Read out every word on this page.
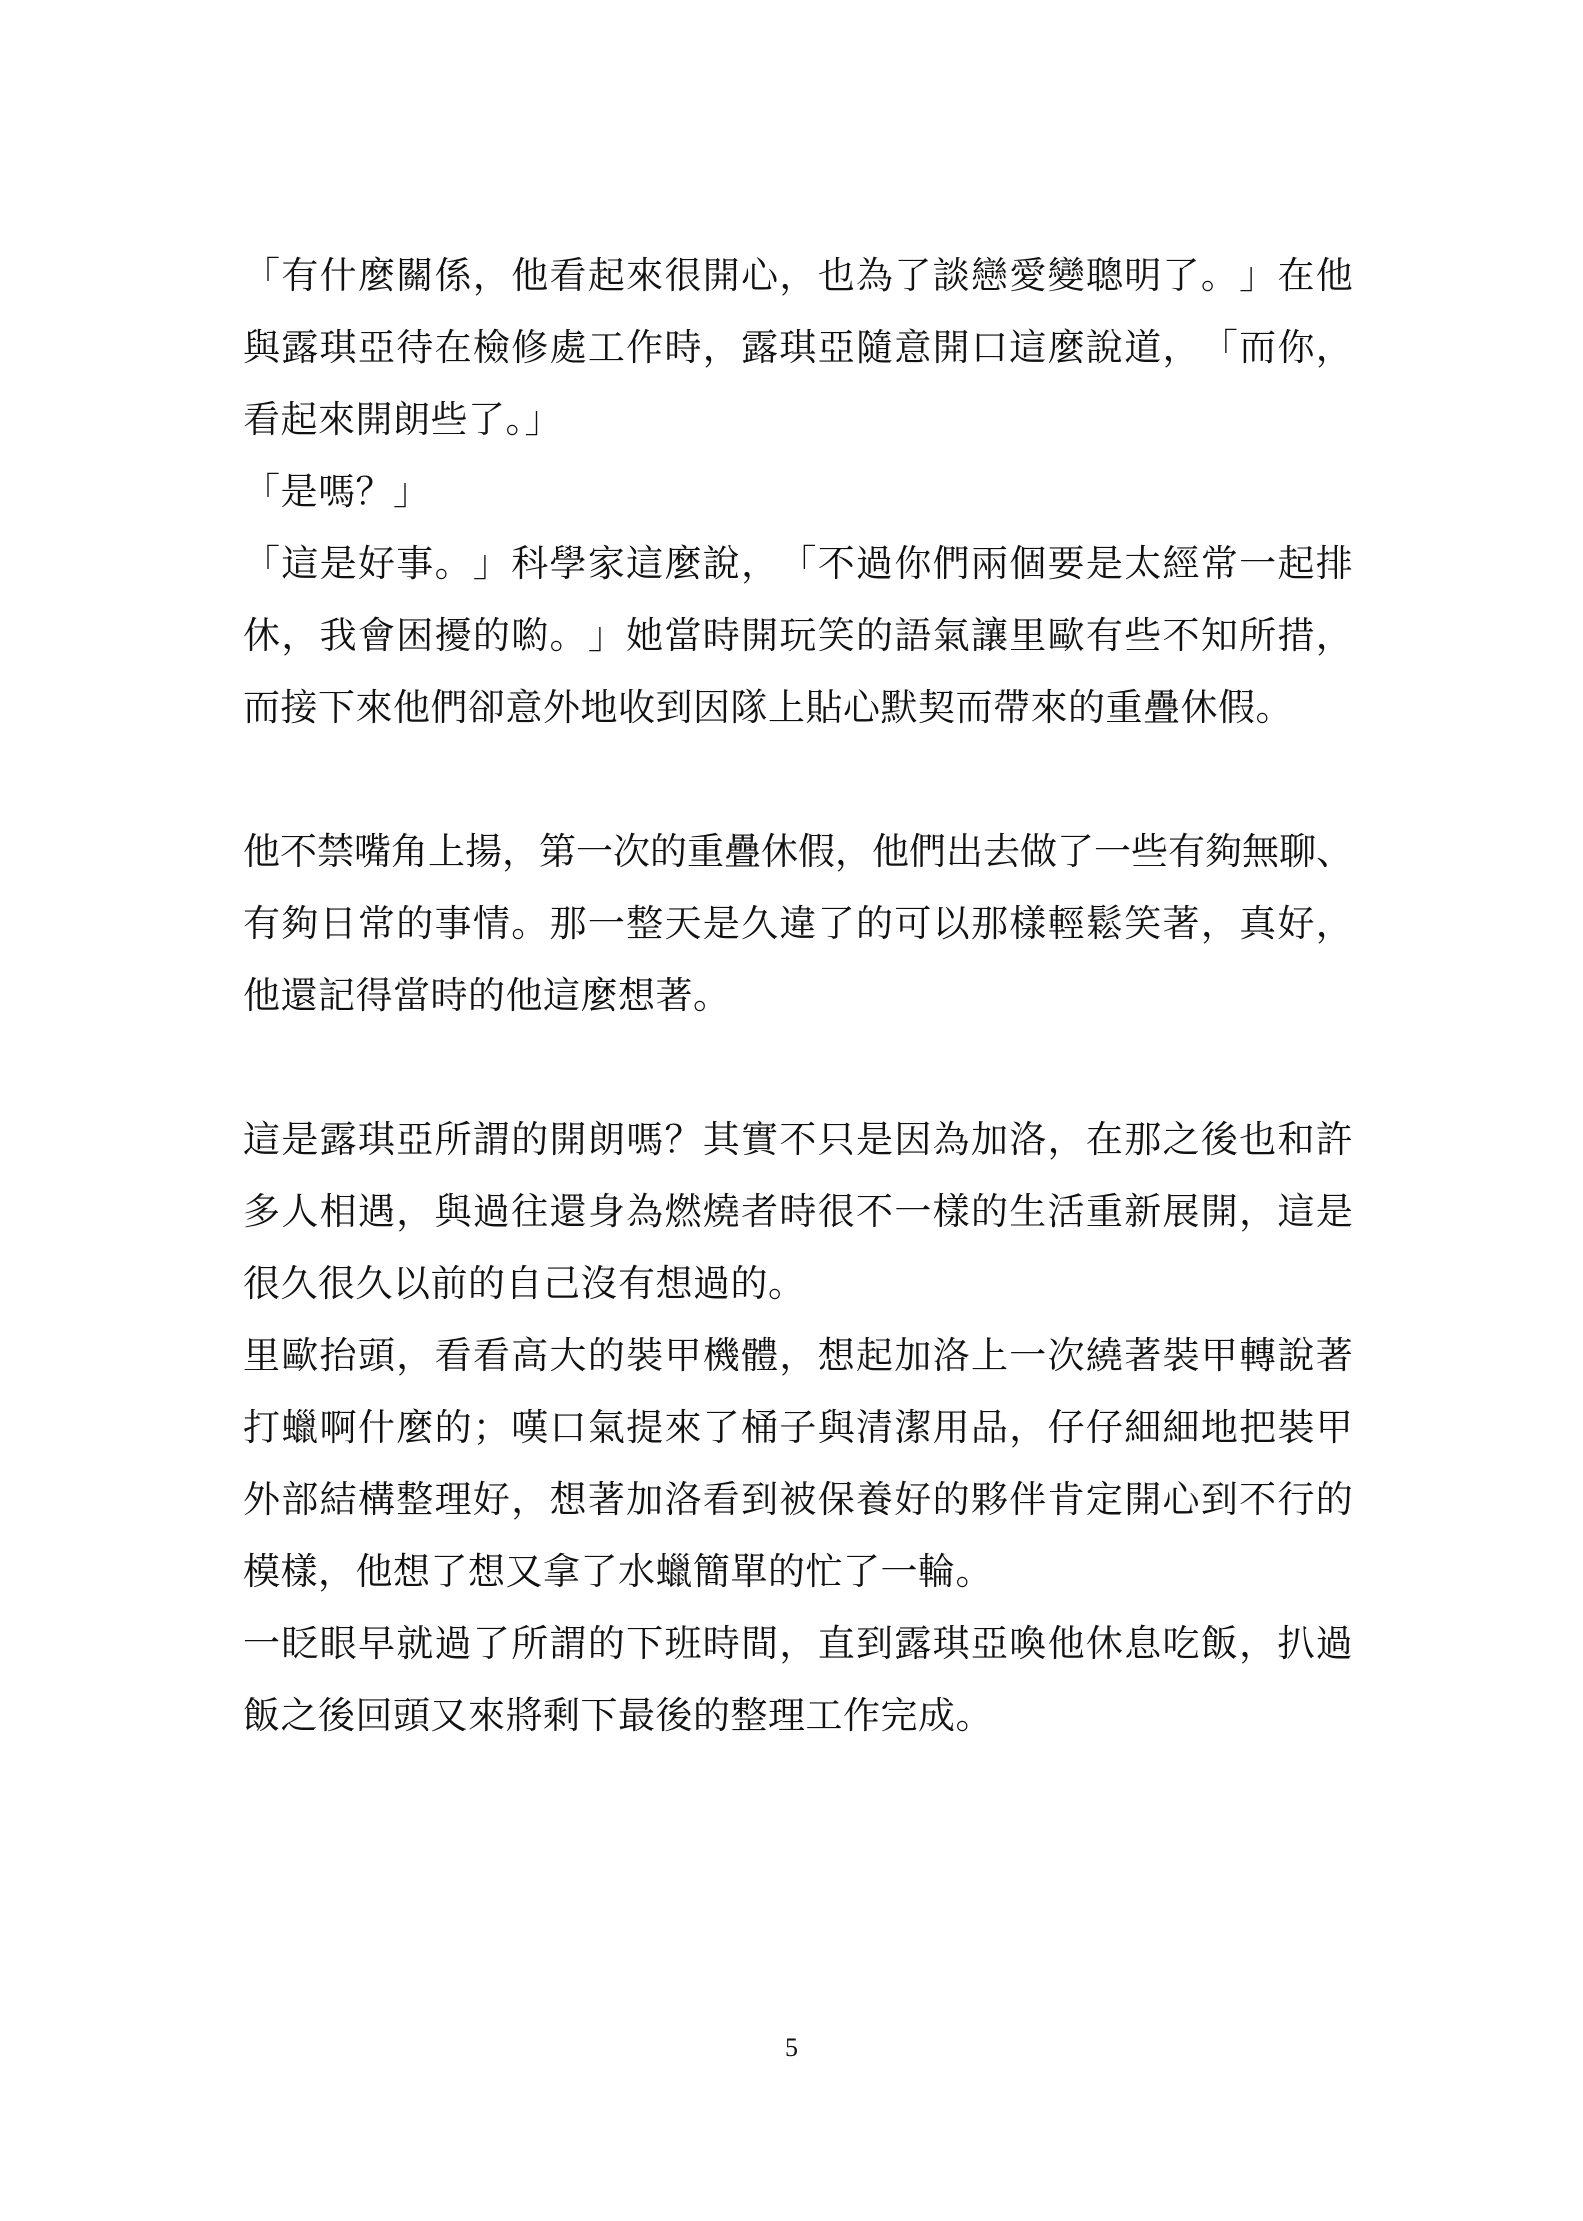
「 有 什 麼 關 係 ， 他 看 起 來 很 開 心 ， 也 為 了 談 戀 愛 變 聰 明 了 。 」 在 他
與 露 琪 亞 待 在 檢 修 處 工 作 時 ， 露 琪 亞 隨 意 開 口 這 麼 說 道 ， 「 而 你 ，
看起來開朗些了。」
「是嗎？」
「 這 是 好 事 。 」 科 學 家 這 麼 說 ， 「 不 過 你 們 兩 個 要 是 太 經 常 一 起 排
休 ， 我 會 困 擾 的 喲 。 」 她 當 時 開 玩 笑 的 語 氣 讓 里 歐 有 些 不 知 所 措 ，
而接下來他們卻意外地收到因隊上貼心默契而帶來的重疊休假。
他 不 禁 嘴 角 上 揚 ， 第 一 次 的 重 疊 休 假 ， 他 們 出 去 做 了 一 些 有 夠 無 聊 、
有 夠 日 常 的 事 情 。 那 一 整 天 是 久 違 了 的 可 以 那 樣 輕 鬆 笑 著 ， 真 好 ，
他還記得當時的他這麼想著。
這 是 露 琪 亞 所 謂 的 開 朗 嗎 ？ 其 實 不 只 是 因 為 加 洛 ， 在 那 之 後 也 和 許
多 人 相 遇 ， 與 過 往 還 身 為 燃 燒 者 時 很 不 一 樣 的 生 活 重 新 展 開 ， 這 是
很久很久以前的自己沒有想過的。
里 歐 抬 頭 ， 看 看 高 大 的 裝 甲 機 體 ， 想 起 加 洛 上 一 次 繞 著 裝 甲 轉 說 著
打 蠟 啊 什 麼 的 ； 嘆 口 氣 提 來 了 桶 子 與 清 潔 用 品 ， 仔 仔 細 細 地 把 裝 甲
外 部 結 構 整 理 好 ， 想 著 加 洛 看 到 被 保 養 好 的 夥 伴 肯 定 開 心 到 不 行 的
模樣，他想了想又拿了水蠟簡單的忙了一輪。
一 眨 眼 早 就 過 了 所 謂 的 下 班 時 間 ， 直 到 露 琪 亞 喚 他 休 息 吃 飯 ， 扒 過
飯之後回頭又來將剩下最後的整理工作完成。
5
